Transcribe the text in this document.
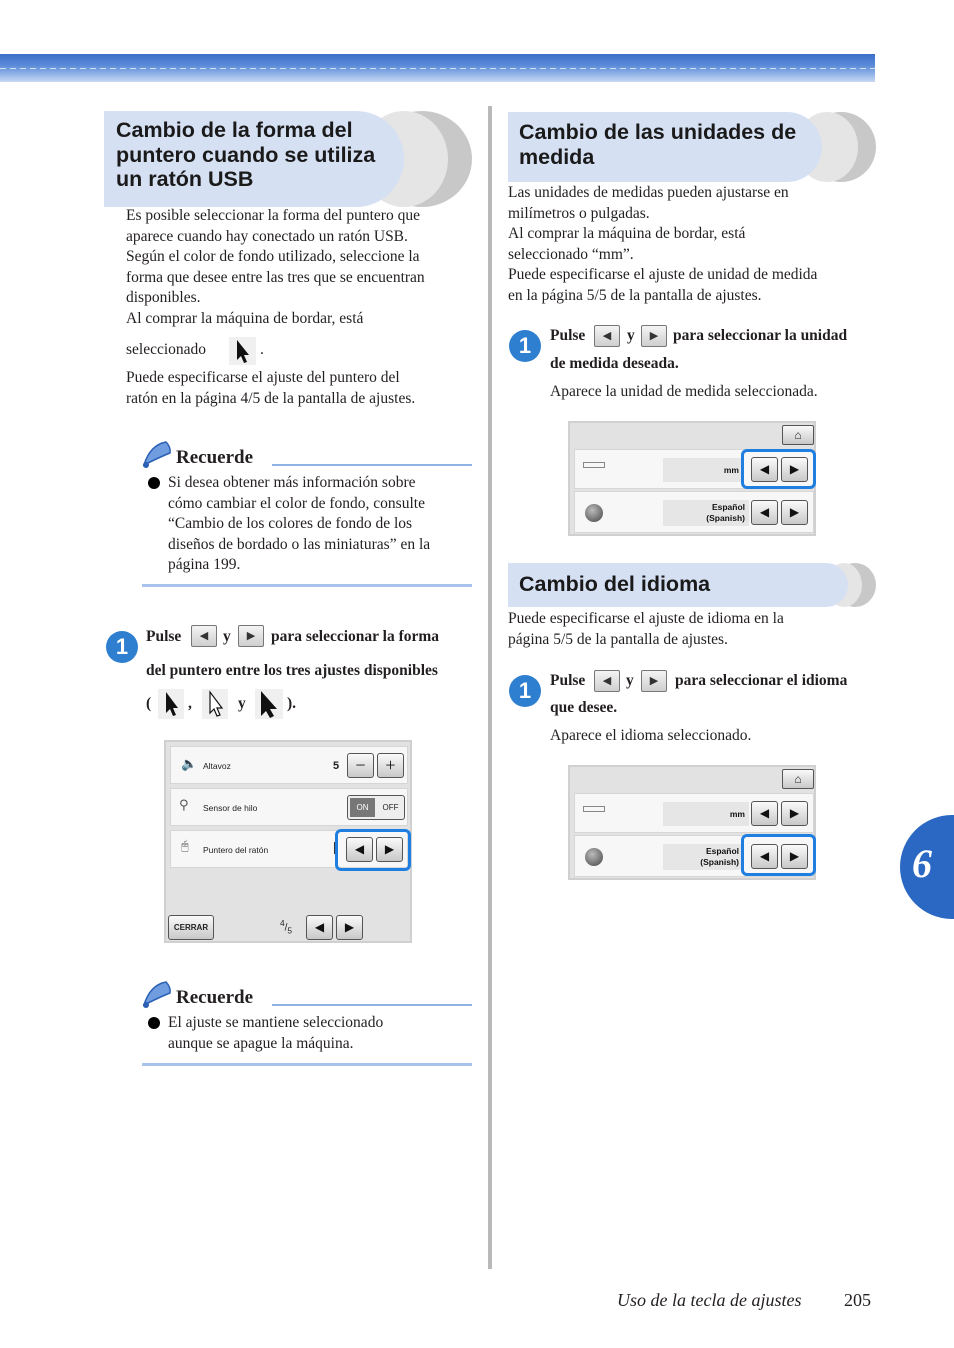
Cambio de la forma del
puntero cuando se utiliza
un ratón USB
Es posible seleccionar la forma del puntero que
aparece cuando hay conectado un ratón USB.
Según el color de fondo utilizado, seleccione la
forma que desee entre las tres que se encuentran
disponibles.
Al comprar la máquina de bordar, está
seleccionado	.
Puede especificarse el ajuste del puntero del
ratón en la página 4/5 de la pantalla de ajustes.
Recuerde
Si desea obtener más información sobre
cómo cambiar el color de fondo, consulte
“Cambio de los colores de fondo de los
diseños de bordado o las miniaturas” en la
página 199.
1	Pulse	◀ y	▶	para seleccionar la forma
del puntero entre los tres ajustes disponibles
( ,	y	).
🔈 Altavoz	5 −	+
⚲ Sensor de hilo	ON	OFF
🖰 Puntero del ratón	◀	▶
CERRAR	$^4/_5$	◀	▶
Recuerde
El ajuste se mantiene seleccionado
aunque se apague la máquina.
Cambio de las unidades de
medida
Las unidades de medidas pueden ajustarse en
milímetros o pulgadas.
Al comprar la máquina de bordar, está
seleccionado “mm”.
Puede especificarse el ajuste de unidad de medida
en la página 5/5 de la pantalla de ajustes.
1	Pulse	◀	y	▶ para seleccionar la unidad
de medida deseada.
Aparece la unidad de medida seleccionada.
⌂
mm	◀	▶
Español
(Spanish)	◀	▶
Cambio del idioma
Puede especificarse el ajuste de idioma en la
página 5/5 de la pantalla de ajustes.
1	Pulse	◀ y	▶	para seleccionar el idioma
que desee.
Aparece el idioma seleccionado.
⌂
mm	◀	▶
Español
(Spanish)	◀	▶	6
Uso de la tecla de ajustes 205
